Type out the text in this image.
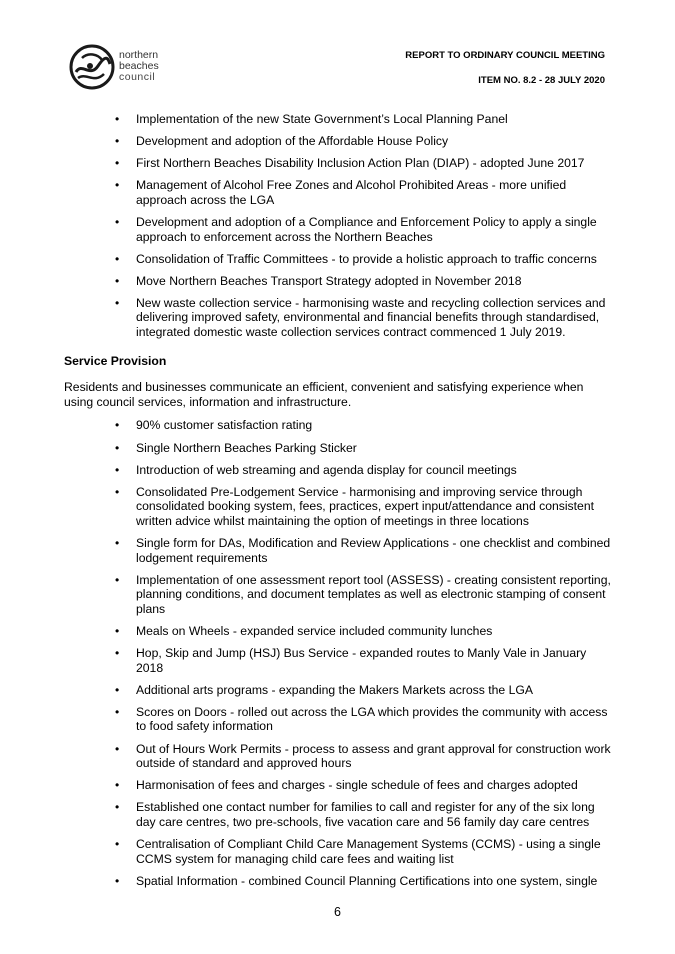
northern
beaches
council
REPORT TO ORDINARY COUNCIL MEETING
ITEM NO. 8.2 - 28 JULY 2020
• Implementation of the new State Government’s Local Planning Panel
• Development and adoption of the Affordable House Policy
• First Northern Beaches Disability Inclusion Action Plan (DIAP) - adopted June 2017
• Management of Alcohol Free Zones and Alcohol Prohibited Areas - more unified approach across the LGA
• Development and adoption of a Compliance and Enforcement Policy to apply a single approach to enforcement across the Northern Beaches
• Consolidation of Traffic Committees - to provide a holistic approach to traffic concerns
• Move Northern Beaches Transport Strategy adopted in November 2018
• New waste collection service - harmonising waste and recycling collection services and delivering improved safety, environmental and financial benefits through standardised, integrated domestic waste collection services contract commenced 1 July 2019.
Service Provision
Residents and businesses communicate an efficient, convenient and satisfying experience when using council services, information and infrastructure.
• 90% customer satisfaction rating
• Single Northern Beaches Parking Sticker
• Introduction of web streaming and agenda display for council meetings
• Consolidated Pre-Lodgement Service - harmonising and improving service through consolidated booking system, fees, practices, expert input/attendance and consistent written advice whilst maintaining the option of meetings in three locations
• Single form for DAs, Modification and Review Applications - one checklist and combined lodgement requirements
• Implementation of one assessment report tool (ASSESS) - creating consistent reporting, planning conditions, and document templates as well as electronic stamping of consent plans
• Meals on Wheels - expanded service included community lunches
• Hop, Skip and Jump (HSJ) Bus Service - expanded routes to Manly Vale in January 2018
• Additional arts programs - expanding the Makers Markets across the LGA
• Scores on Doors - rolled out across the LGA which provides the community with access to food safety information
• Out of Hours Work Permits - process to assess and grant approval for construction work outside of standard and approved hours
• Harmonisation of fees and charges - single schedule of fees and charges adopted
• Established one contact number for families to call and register for any of the six long day care centres, two pre-schools, five vacation care and 56 family day care centres
• Centralisation of Compliant Child Care Management Systems (CCMS) - using a single CCMS system for managing child care fees and waiting list
• Spatial Information - combined Council Planning Certifications into one system, single
6
